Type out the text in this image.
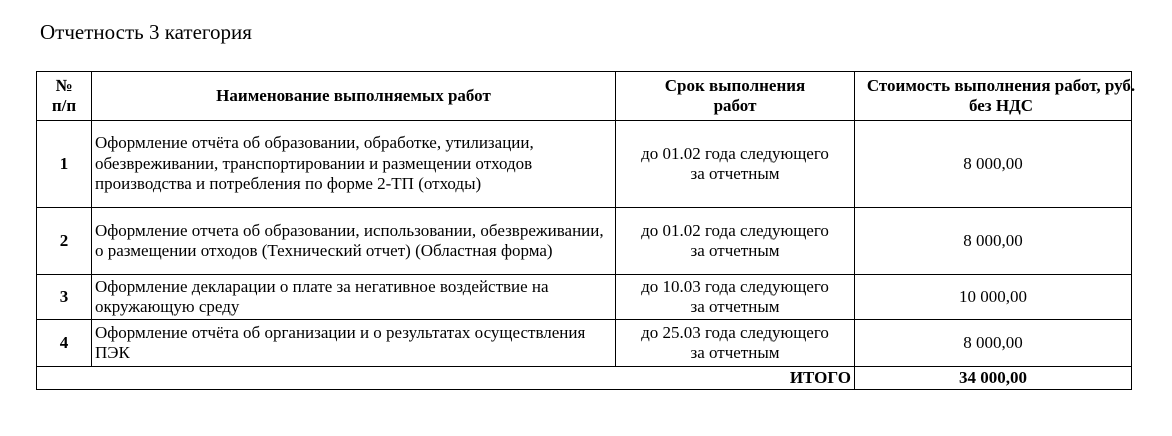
Отчетность 3 категория
№ п/п	Наименование выполняемых работ	Срок выполнения работ	Стоимость выполнения работ, руб. без НДС

1	Оформление отчёта об образовании, обработке, утилизации, обезвреживании, транспортировании и размещении отходов производства и потребления по форме 2-ТП (отходы)	до 01.02 года следующего за отчетным	8 000,00
2	Оформление отчета об образовании, использовании, обезвреживании, о размещении отходов (Технический отчет) (Областная форма)	до 01.02 года следующего за отчетным	8 000,00
3	Оформление декларации о плате за негативное воздействие на окружающую среду	до 10.03 года следующего за отчетным	10 000,00
4	Оформление отчёта об организации и о результатах осуществления ПЭК	до 25.03 года следующего за отчетным	8 000,00
ИТОГО			34 000,00
